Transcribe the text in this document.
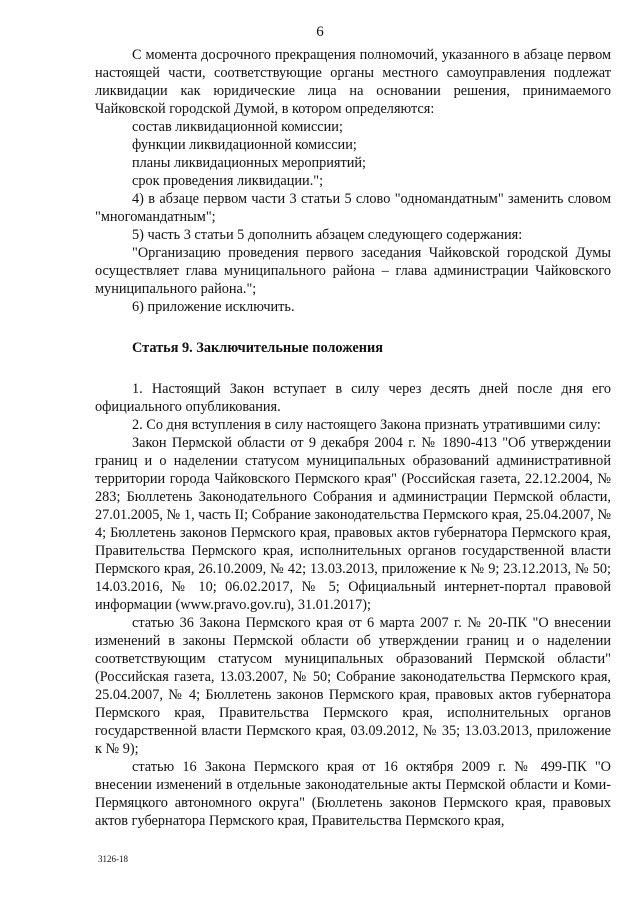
6

С момента досрочного прекращения полномочий, указанного в абзаце первом настоящей части, соответствующие органы местного самоуправления подлежат ликвидации как юридические лица на основании решения, принимаемого Чайковской городской Думой, в котором определяются:

состав ликвидационной комиссии;

функции ликвидационной комиссии;

планы ликвидационных мероприятий;

срок проведения ликвидации.";

4) в абзаце первом части 3 статьи 5 слово "одномандатным" заменить словом "многомандатным";

5) часть 3 статьи 5 дополнить абзацем следующего содержания:

"Организацию проведения первого заседания Чайковской городской Думы осуществляет глава муниципального района – глава администрации Чайковского муниципального района.";

6) приложение исключить.

Статья 9. Заключительные положения

1. Настоящий Закон вступает в силу через десять дней после дня его официального опубликования.

2. Со дня вступления в силу настоящего Закона признать утратившими силу:

Закон Пермской области от 9 декабря 2004 г. № 1890-413 "Об утверждении границ и о наделении статусом муниципальных образований административной территории города Чайковского Пермского края" (Российская газета, 22.12.2004, № 283; Бюллетень Законодательного Собрания и администрации Пермской области, 27.01.2005, № 1, часть II; Собрание законодательства Пермского края, 25.04.2007, № 4; Бюллетень законов Пермского края, правовых актов губернатора Пермского края, Правительства Пермского края, исполнительных органов государственной власти Пермского края, 26.10.2009, № 42; 13.03.2013, приложение к № 9; 23.12.2013, № 50; 14.03.2016, № 10; 06.02.2017, № 5; Официальный интернет-портал правовой информации (www.pravo.gov.ru), 31.01.2017);

статью 36 Закона Пермского края от 6 марта 2007 г. № 20-ПК "О внесении изменений в законы Пермской области об утверждении границ и о наделении соответствующим статусом муниципальных образований Пермской области" (Российская газета, 13.03.2007, № 50; Собрание законодательства Пермского края, 25.04.2007, № 4; Бюллетень законов Пермского края, правовых актов губернатора Пермского края, Правительства Пермского края, исполнительных органов государственной власти Пермского края, 03.09.2012, № 35; 13.03.2013, приложение к № 9);

статью 16 Закона Пермского края от 16 октября 2009 г. № 499-ПК "О внесении изменений в отдельные законодательные акты Пермской области и Коми-Пермяцкого автономного округа" (Бюллетень законов Пермского края, правовых актов губернатора Пермского края, Правительства Пермского края,

3126-18
